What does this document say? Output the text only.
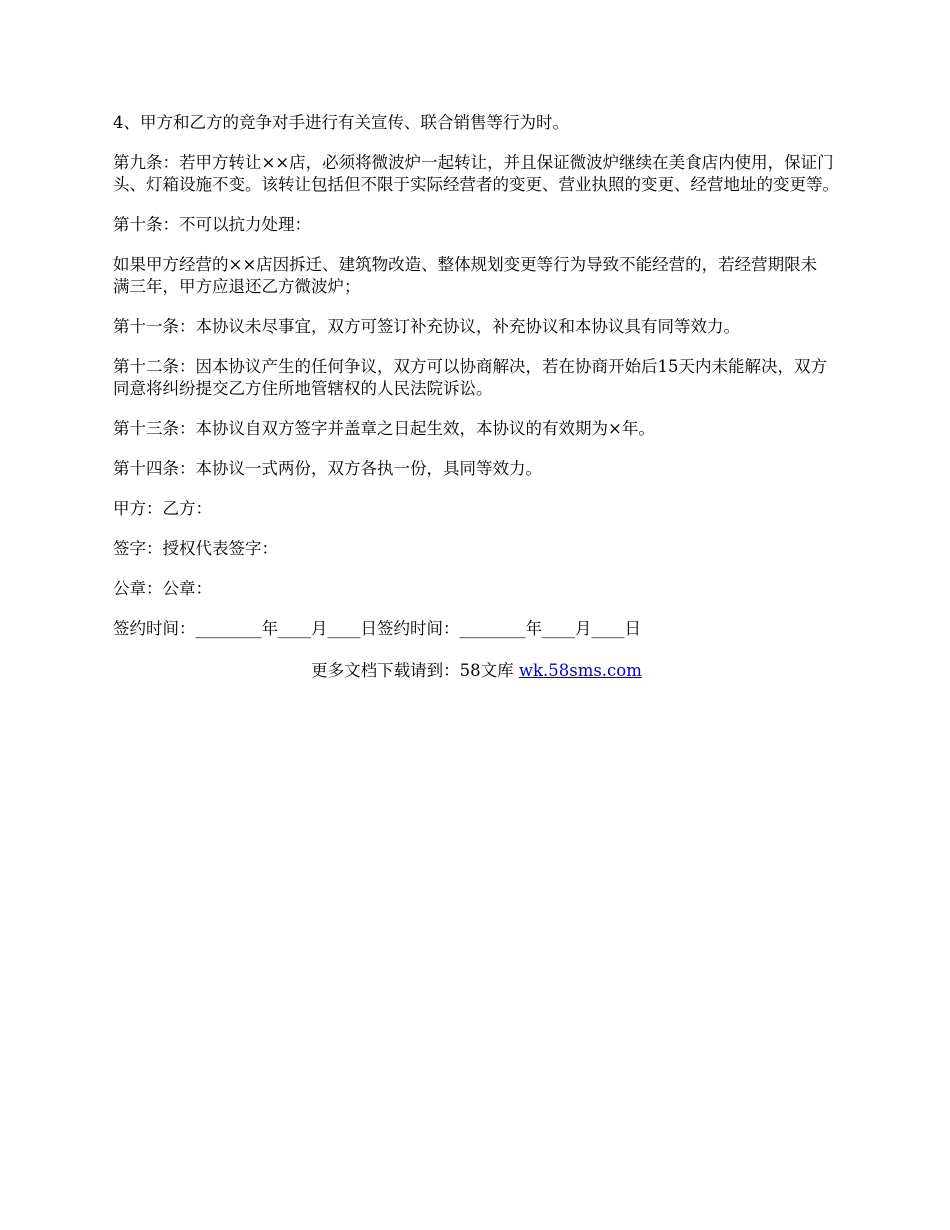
4、甲方和乙方的竞争对手进行有关宣传、联合销售等行为时。

第九条：若甲方转让××店，必须将微波炉一起转让，并且保证微波炉继续在美食店内使用，保证门头、灯箱设施不变。该转让包括但不限于实际经营者的变更、营业执照的变更、经营地址的变更等。

第十条：不可以抗力处理：

如果甲方经营的××店因拆迁、建筑物改造、整体规划变更等行为导致不能经营的，若经营期限未满三年，甲方应退还乙方微波炉；

第十一条：本协议未尽事宜，双方可签订补充协议，补充协议和本协议具有同等效力。

第十二条：因本协议产生的任何争议，双方可以协商解决，若在协商开始后15天内未能解决，双方同意将纠纷提交乙方住所地管辖权的人民法院诉讼。

第十三条：本协议自双方签字并盖章之日起生效，本协议的有效期为×年。

第十四条：本协议一式两份，双方各执一份，具同等效力。

甲方：乙方：

签字：授权代表签字：

公章：公章：

签约时间：________年____月____日签约时间：________年____月____日

更多文档下载请到：58文库 wk.58sms.com
